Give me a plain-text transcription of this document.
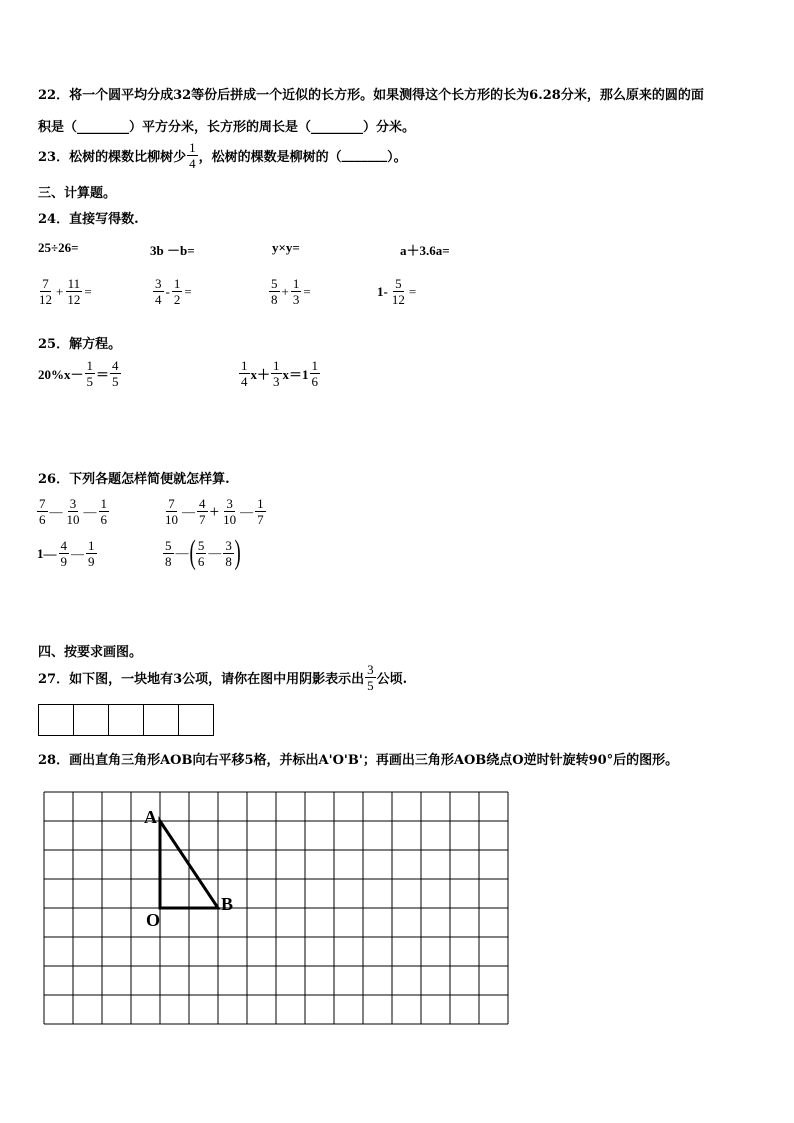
22．将一个圆平均分成32等份后拼成一个近似的长方形。如果测得这个长方形的长为6.28分米，那么原来的圆的面
积是（________）平方分米，长方形的周长是（________）分米。
23．松树的棵数比柳树少 $\frac{1}{4}$ ，松树的棵数是柳树的（ _______ ）。
三、计算题。
24．直接写得数.
25÷26=	3b －b=	y×y=	a＋3.6a=
$\frac{7}{12} + \frac{11}{12}$ =	$\frac{3}{4} - \frac{1}{2}$ =	$\frac{5}{8} + \frac{1}{3}$ =	$1- \frac{5}{12}$ =
25．解方程。
$20\%x- \frac{1}{5} = \frac{4}{5}$	$\frac{1}{4} x+ \frac{1}{3} x=1 \frac{1}{6}$
26．下列各题怎样简便就怎样算.
$\frac{7}{6}$ — $\frac{3}{10}$ — $\frac{1}{6}$	$\frac{7}{10}$ — $\frac{4}{7} + \frac{3}{10}$ — $\frac{1}{7}$
1— $\frac{4}{9}$ — $\frac{1}{9}$	$\frac{5}{8}$ — ( $\frac{5}{6}$ — $\frac{3}{8}$ )
四、按要求画图。
27．如下图，一块地有3公项，请你在图中用阴影表示出 $\frac{3}{5}$ 公顷.
28．画出直角三角形AOB向右平移5格，并标出A'O'B'；再画出三角形AOB绕点O逆时针旋转90°后的图形。
A
O
B
